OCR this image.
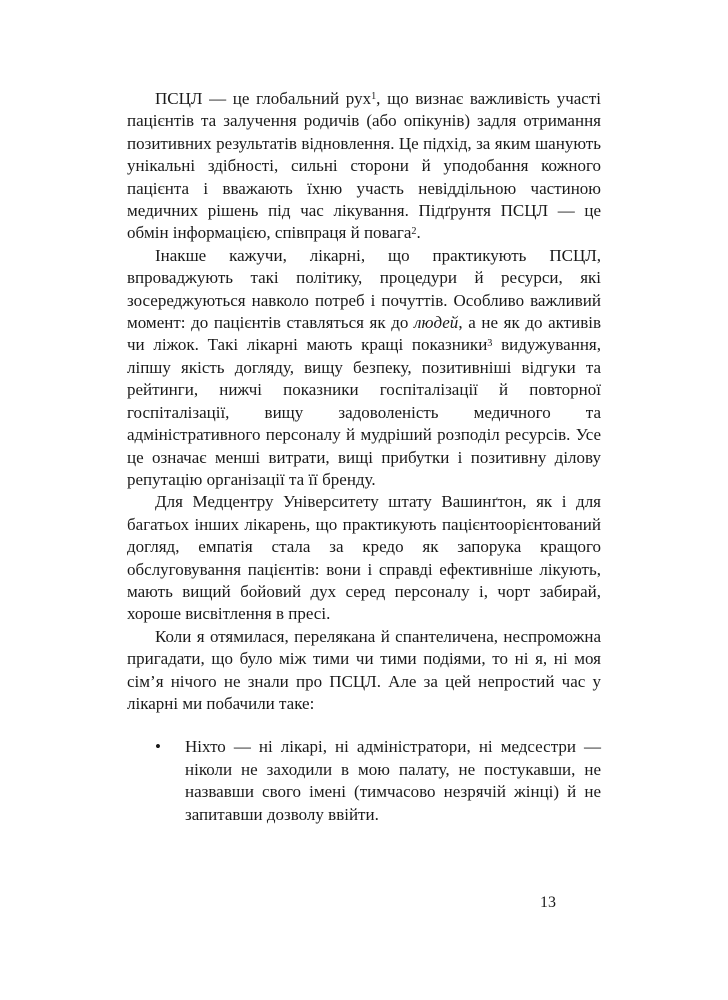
ПСЦЛ — це глобальний рух$^1$, що визнає важливість участі пацієнтів та залучення родичів (або опікунів) задля отримання позитивних результатів відновлення. Це підхід, за яким шанують унікальні здібності, сильні сторони й уподобання кожного пацієнта і вважають їхню участь невіддільною частиною медичних рішень під час лікування. Підґрунтя ПСЦЛ — це обмін інформацією, співпраця й повага$^2$.

Інакше кажучи, лікарні, що практикують ПСЦЛ, впроваджують такі політику, процедури й ресурси, які зосереджуються навколо потреб і почуттів. Особливо важливий момент: до пацієнтів ставляться як до людей, а не як до активів чи ліжок. Такі лікарні мають кращі показники$^3$ видужування, ліпшу якість догляду, вищу безпеку, позитивніші відгуки та рейтинги, нижчі показники госпіталізації й повторної госпіталізації, вищу задоволеність медичного та адміністративного персоналу й мудріший розподіл ресурсів. Усе це означає менші витрати, вищі прибутки і позитивну ділову репутацію організації та її бренду.

Для Медцентру Університету штату Вашинґтон, як і для багатьох інших лікарень, що практикують пацієнтоорієнтований догляд, емпатія стала за кредо як запорука кращого обслуговування пацієнтів: вони і справді ефективніше лікують, мають вищий бойовий дух серед персоналу і, чорт забирай, хороше висвітлення в пресі.

Коли я отямилася, перелякана й спантеличена, неспроможна пригадати, що було між тими чи тими подіями, то ні я, ні моя сім’я нічого не знали про ПСЦЛ. Але за цей непростий час у лікарні ми побачили таке:

• Ніхто — ні лікарі, ні адміністратори, ні медсестри — ніколи не заходили в мою палату, не постукавши, не назвавши свого імені (тимчасово незрячій жінці) й не запитавши дозволу ввійти.
13
